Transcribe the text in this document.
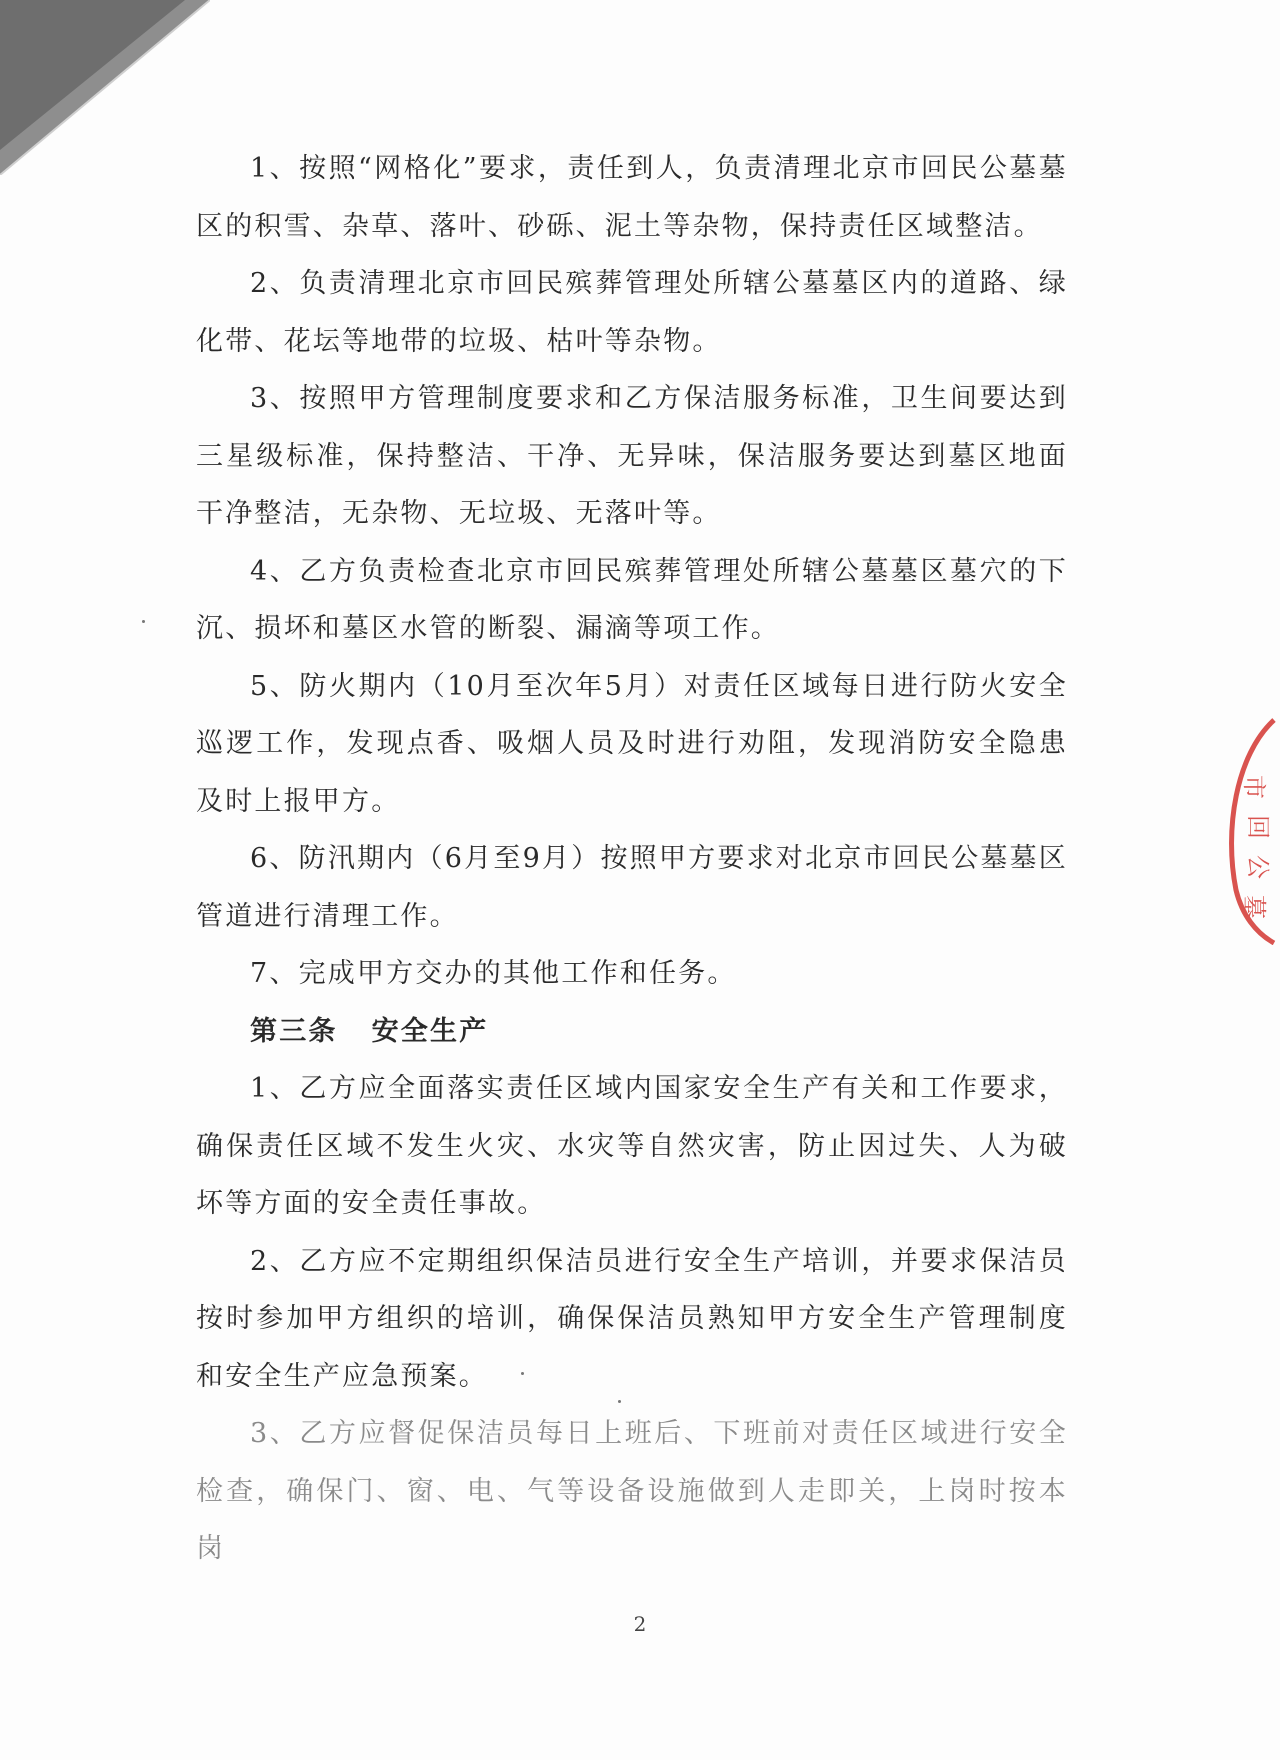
1、按照“网格化”要求，责任到人，负责清理北京市回民公墓墓区的积雪、杂草、落叶、砂砾、泥土等杂物，保持责任区域整洁。

2、负责清理北京市回民殡葬管理处所辖公墓墓区内的道路、绿化带、花坛等地带的垃圾、枯叶等杂物。

3、按照甲方管理制度要求和乙方保洁服务标准，卫生间要达到三星级标准，保持整洁、干净、无异味，保洁服务要达到墓区地面干净整洁，无杂物、无垃圾、无落叶等。

4、乙方负责检查北京市回民殡葬管理处所辖公墓墓区墓穴的下沉、损坏和墓区水管的断裂、漏滴等项工作。

5、防火期内（10月至次年5月）对责任区域每日进行防火安全巡逻工作，发现点香、吸烟人员及时进行劝阻，发现消防安全隐患及时上报甲方。

6、防汛期内（6月至9月）按照甲方要求对北京市回民公墓墓区管道进行清理工作。

7、完成甲方交办的其他工作和任务。

第三条 安全生产

1、乙方应全面落实责任区域内国家安全生产有关和工作要求，确保责任区域不发生火灾、水灾等自然灾害，防止因过失、人为破坏等方面的安全责任事故。

2、乙方应不定期组织保洁员进行安全生产培训，并要求保洁员按时参加甲方组织的培训，确保保洁员熟知甲方安全生产管理制度和安全生产应急预案。

3、乙方应督促保洁员每日上班后、下班前对责任区域进行安全检查，确保门、窗、电、气等设备设施做到人走即关，上岗时按本岗

市
回
公
墓
2
